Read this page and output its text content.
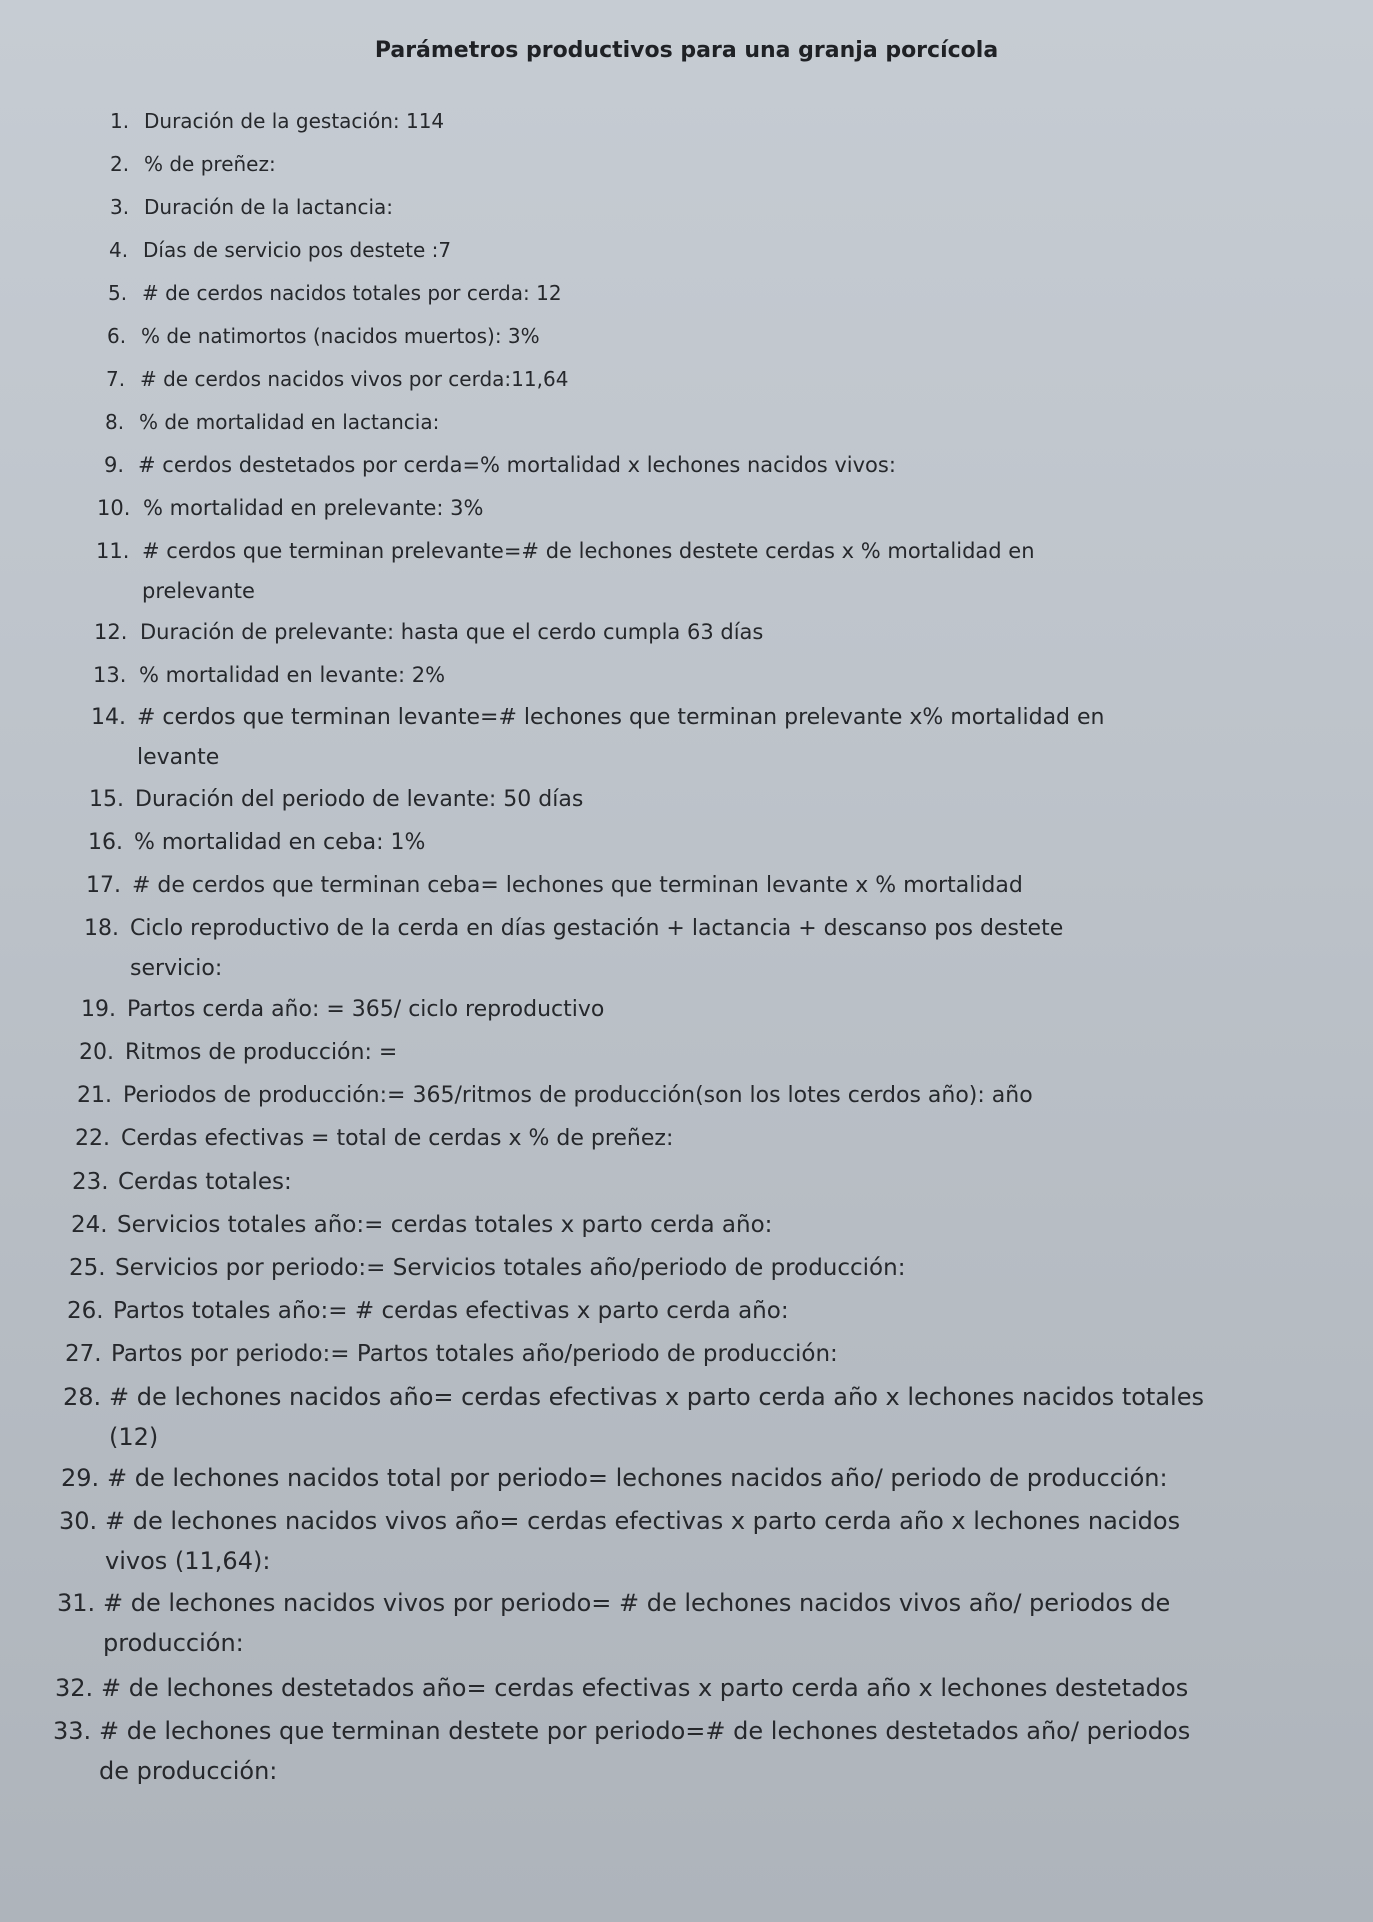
Parámetros productivos para una granja porcícola
1. Duración de la gestación: 114
2. % de preñez:
3. Duración de la lactancia:
4. Días de servicio pos destete :7
5. # de cerdos nacidos totales por cerda: 12
6. % de natimortos (nacidos muertos): 3%
7. # de cerdos nacidos vivos por cerda:11,64
8. % de mortalidad en lactancia:
9. # cerdos destetados por cerda=% mortalidad x lechones nacidos vivos:
10. % mortalidad en prelevante: 3%
11. # cerdos que terminan prelevante=# de lechones destete cerdas x % mortalidad en
prelevante
12. Duración de prelevante: hasta que el cerdo cumpla 63 días
13. % mortalidad en levante: 2%
14. # cerdos que terminan levante=# lechones que terminan prelevante x% mortalidad en
levante
15. Duración del periodo de levante: 50 días
16. % mortalidad en ceba: 1%
17. # de cerdos que terminan ceba= lechones que terminan levante x % mortalidad
18. Ciclo reproductivo de la cerda en días gestación + lactancia + descanso pos destete
servicio:
19. Partos cerda año: = 365/ ciclo reproductivo
20. Ritmos de producción: =
21. Periodos de producción:= 365/ritmos de producción(son los lotes cerdos año): año
22. Cerdas efectivas = total de cerdas x % de preñez:
23. Cerdas totales:
24. Servicios totales año:= cerdas totales x parto cerda año:
25. Servicios por periodo:= Servicios totales año/periodo de producción:
26. Partos totales año:= # cerdas efectivas x parto cerda año:
27. Partos por periodo:= Partos totales año/periodo de producción:
28. # de lechones nacidos año= cerdas efectivas x parto cerda año x lechones nacidos totales
(12)
29. # de lechones nacidos total por periodo= lechones nacidos año/ periodo de producción:
30. # de lechones nacidos vivos año= cerdas efectivas x parto cerda año x lechones nacidos
vivos (11,64):
31. # de lechones nacidos vivos por periodo= # de lechones nacidos vivos año/ periodos de
producción:
32. # de lechones destetados año= cerdas efectivas x parto cerda año x lechones destetados
33. # de lechones que terminan destete por periodo=# de lechones destetados año/ periodos
de producción:
